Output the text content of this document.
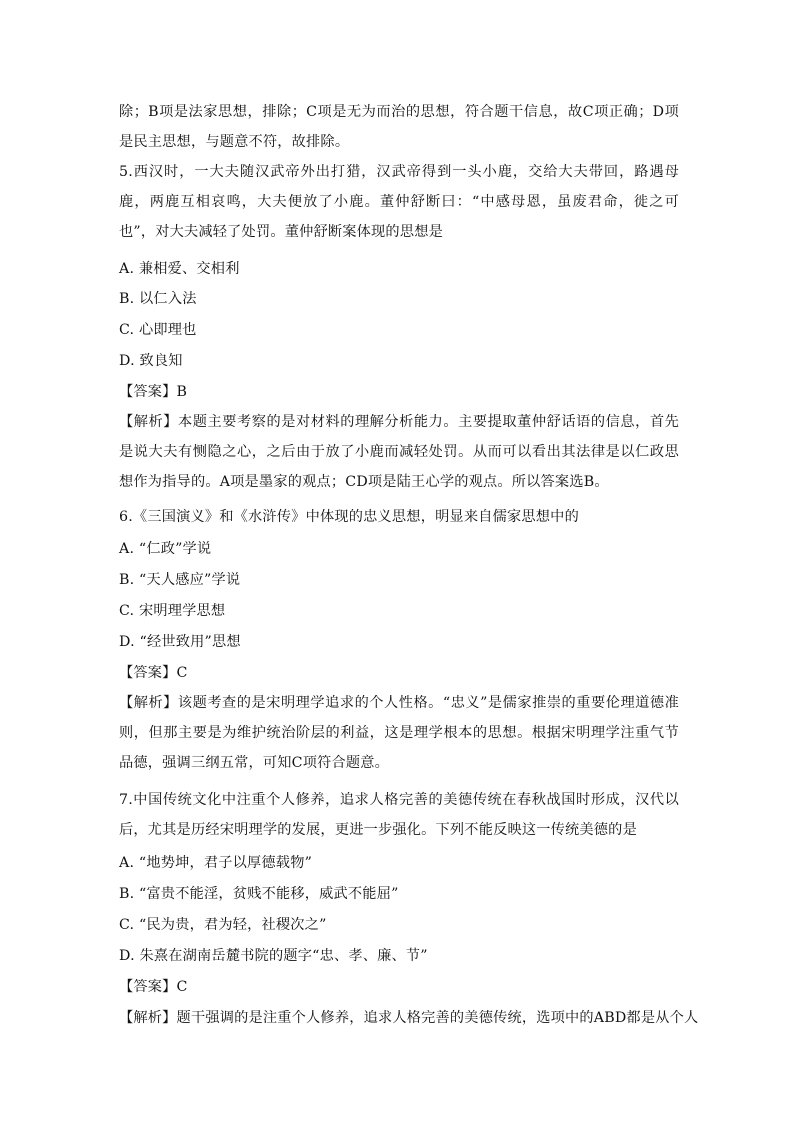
除；B项是法家思想，排除；C项是无为而治的思想，符合题干信息，故C项正确；D项是民主思想，与题意不符，故排除。
5.西汉时，一大夫随汉武帝外出打猎，汉武帝得到一头小鹿，交给大夫带回，路遇母鹿，两鹿互相哀鸣，大夫便放了小鹿。董仲舒断曰：“中感母恩，虽废君命，徙之可也”，对大夫减轻了处罚。董仲舒断案体现的思想是
A. 兼相爱、交相利
B. 以仁入法
C. 心即理也
D. 致良知
【答案】B
【解析】本题主要考察的是对材料的理解分析能力。主要提取董仲舒话语的信息，首先是说大夫有恻隐之心，之后由于放了小鹿而减轻处罚。从而可以看出其法律是以仁政思想作为指导的。A项是墨家的观点；CD项是陆王心学的观点。所以答案选B。
6.《三国演义》和《水浒传》中体现的忠义思想，明显来自儒家思想中的
A. “仁政”学说
B. “天人感应”学说
C. 宋明理学思想
D. “经世致用”思想
【答案】C
【解析】该题考查的是宋明理学追求的个人性格。“忠义”是儒家推崇的重要伦理道德准则，但那主要是为维护统治阶层的利益，这是理学根本的思想。根据宋明理学注重气节品德，强调三纲五常，可知C项符合题意。
7.中国传统文化中注重个人修养，追求人格完善的美德传统在春秋战国时形成，汉代以后，尤其是历经宋明理学的发展，更进一步强化。下列不能反映这一传统美德的是
A. “地势坤，君子以厚德载物”
B. “富贵不能淫，贫贱不能移，威武不能屈”
C. “民为贵，君为轻，社稷次之”
D. 朱熹在湖南岳麓书院的题字“忠、孝、廉、节”
【答案】C
【解析】题干强调的是注重个人修养，追求人格完善的美德传统，选项中的ABD都是从个人
